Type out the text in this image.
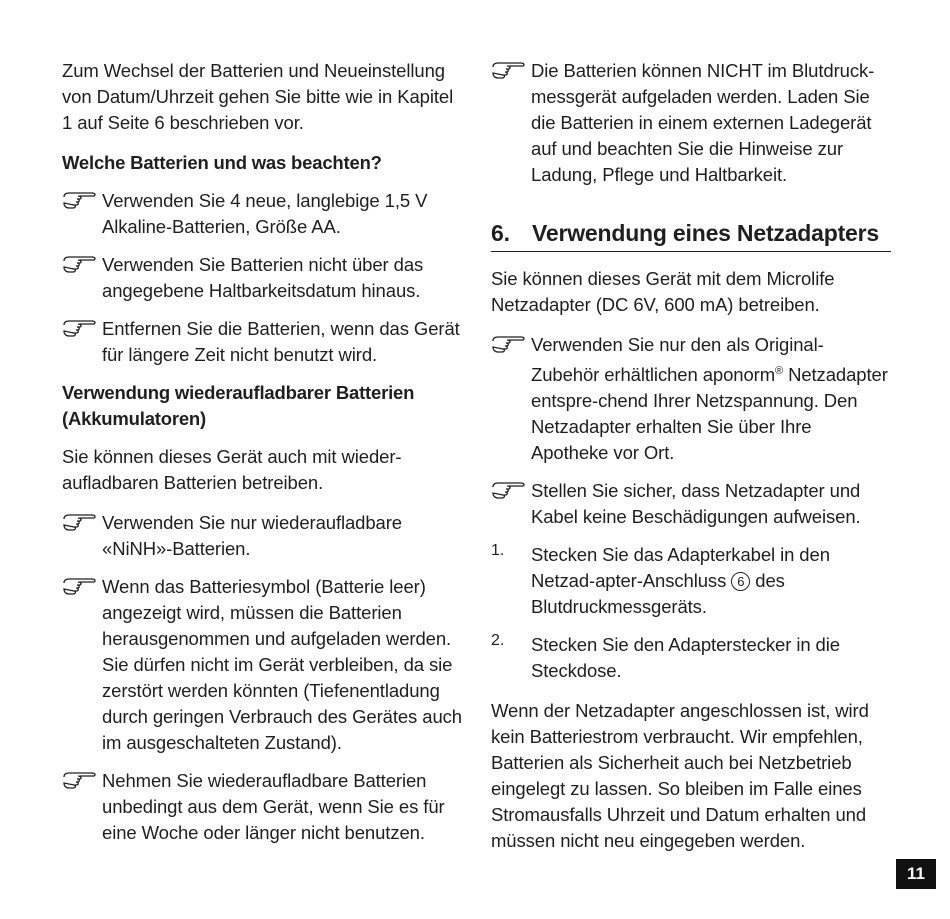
Zum Wechsel der Batterien und Neueinstellung von Datum/Uhrzeit gehen Sie bitte wie in Kapitel 1 auf Seite 6 beschrieben vor.

Welche Batterien und was beachten?

Verwenden Sie 4 neue, langlebige 1,5 V Alkaline-Batterien, Größe AA.

Verwenden Sie Batterien nicht über das angegebene Haltbarkeitsdatum hinaus.

Entfernen Sie die Batterien, wenn das Gerät für längere Zeit nicht benutzt wird.

Verwendung wiederaufladbarer Batterien (Akkumulatoren)

Sie können dieses Gerät auch mit wieder-aufladbaren Batterien betreiben.

Verwenden Sie nur wiederaufladbare «NiNH»-Batterien.

Wenn das Batteriesymbol (Batterie leer) angezeigt wird, müssen die Batterien herausgenommen und aufgeladen werden. Sie dürfen nicht im Gerät verbleiben, da sie zerstört werden könnten (Tiefenentladung durch geringen Verbrauch des Gerätes auch im ausgeschalteten Zustand).

Nehmen Sie wiederaufladbare Batterien unbedingt aus dem Gerät, wenn Sie es für eine Woche oder länger nicht benutzen.

Die Batterien können NICHT im Blutdruck-messgerät aufgeladen werden. Laden Sie die Batterien in einem externen Ladegerät auf und beachten Sie die Hinweise zur Ladung, Pflege und Haltbarkeit.

6. Verwendung eines Netzadapters

Sie können dieses Gerät mit dem Microlife Netzadapter (DC 6V, 600 mA) betreiben.

Verwenden Sie nur den als Original-Zubehör erhältlichen aponorm® Netzadapter entspre-chend Ihrer Netzspannung. Den Netzadapter erhalten Sie über Ihre Apotheke vor Ort.

Stellen Sie sicher, dass Netzadapter und Kabel keine Beschädigungen aufweisen.

1. Stecken Sie das Adapterkabel in den Netzad-apter-Anschluss 6 des Blutdruckmessgeräts.

2. Stecken Sie den Adapterstecker in die Steckdose.

Wenn der Netzadapter angeschlossen ist, wird kein Batteriestrom verbraucht. Wir empfehlen, Batterien als Sicherheit auch bei Netzbetrieb eingelegt zu lassen. So bleiben im Falle eines Stromausfalls Uhrzeit und Datum erhalten und müssen nicht neu eingegeben werden.

11
